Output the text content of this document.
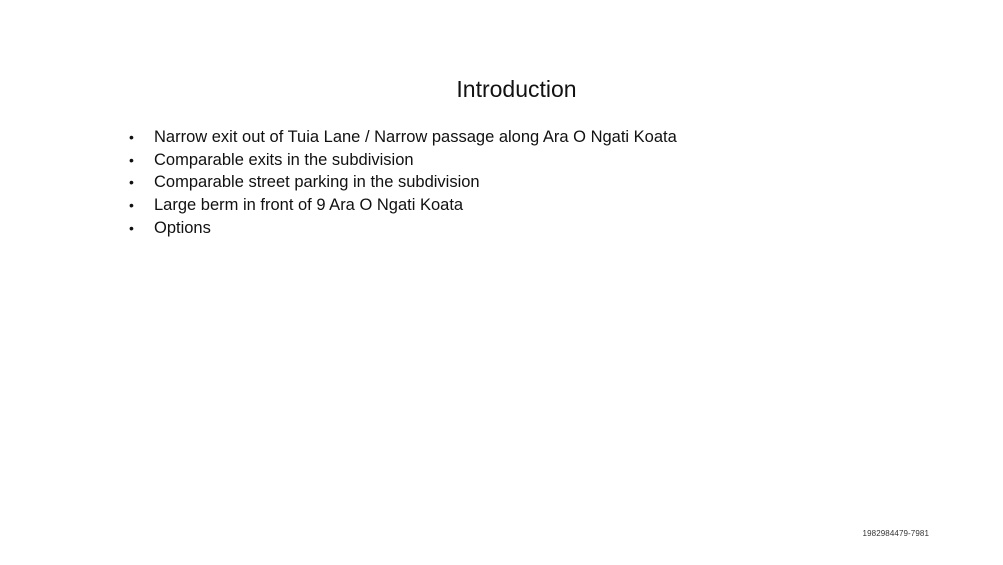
Introduction
• Narrow exit out of Tuia Lane / Narrow passage along Ara O Ngati Koata
• Comparable exits in the subdivision
• Comparable street parking in the subdivision
• Large berm in front of 9 Ara O Ngati Koata
• Options
1982984479-7981
